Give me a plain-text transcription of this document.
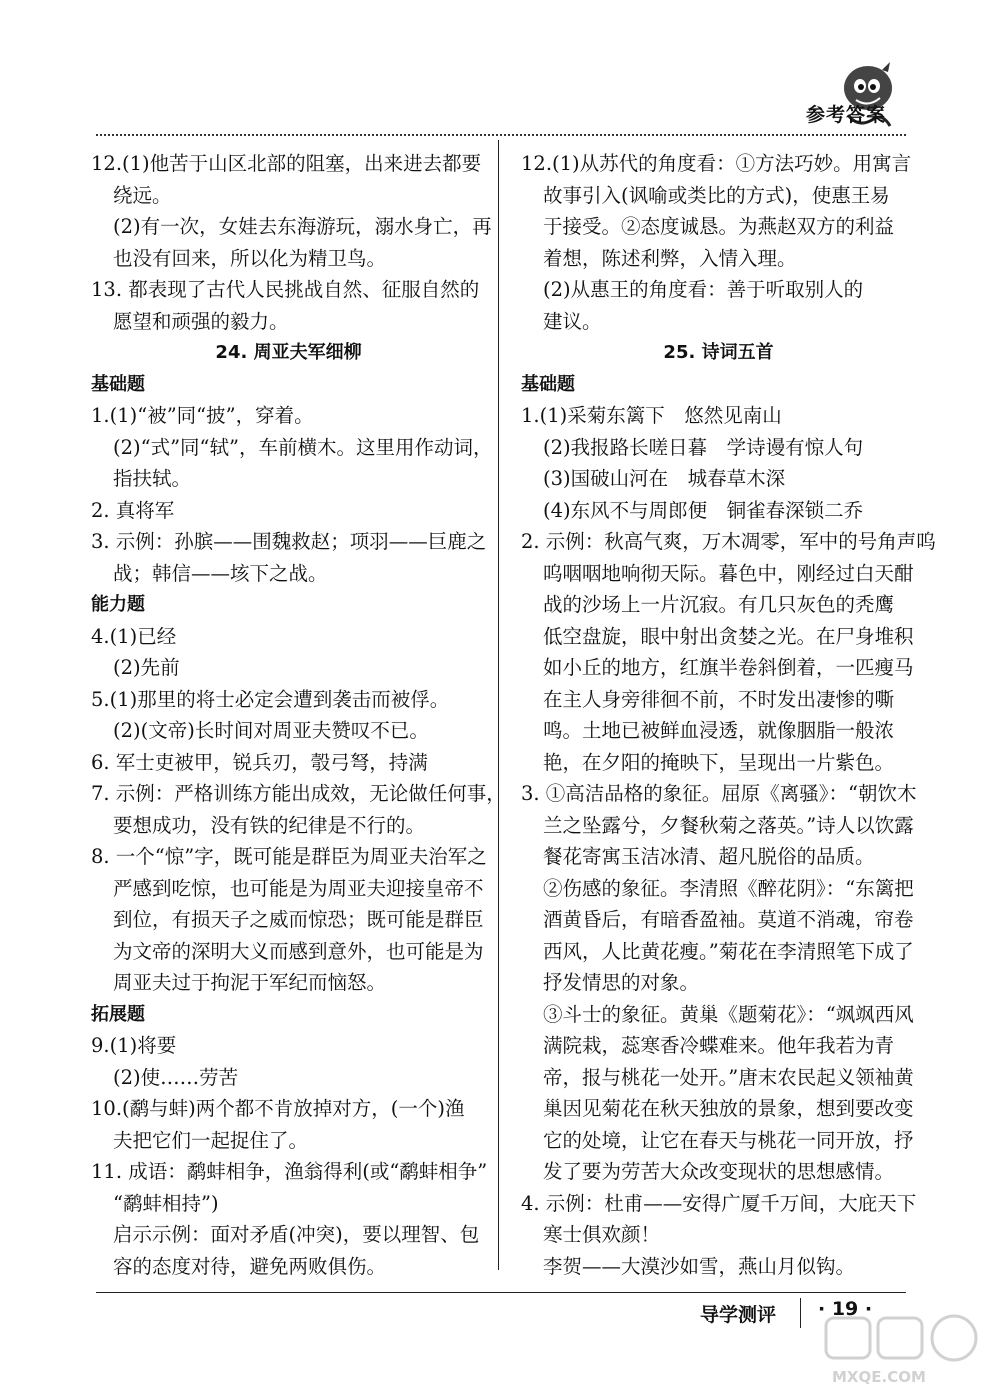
参考答案
12.(1)他苦于山区北部的阻塞，出来进去都要
绕远。
(2)有一次，女娃去东海游玩，溺水身亡，再
也没有回来，所以化为精卫鸟。
13. 都表现了古代人民挑战自然、征服自然的
愿望和顽强的毅力。
24. 周亚夫军细柳
基础题
1.(1)“被”同“披”，穿着。
(2)“式”同“轼”，车前横木。这里用作动词，
指扶轼。
2. 真将军
3. 示例：孙膑——围魏救赵；项羽——巨鹿之
战；韩信——垓下之战。
能力题
4.(1)已经
(2)先前
5.(1)那里的将士必定会遭到袭击而被俘。
(2)(文帝)长时间对周亚夫赞叹不已。
6. 军士吏被甲，锐兵刃，彀弓弩，持满
7. 示例：严格训练方能出成效，无论做任何事，
要想成功，没有铁的纪律是不行的。
8. 一个“惊”字，既可能是群臣为周亚夫治军之
严感到吃惊，也可能是为周亚夫迎接皇帝不
到位，有损天子之威而惊恐；既可能是群臣
为文帝的深明大义而感到意外，也可能是为
周亚夫过于拘泥于军纪而恼怒。
拓展题
9.(1)将要
(2)使……劳苦
10.(鹬与蚌)两个都不肯放掉对方，(一个)渔
夫把它们一起捉住了。
11. 成语：鹬蚌相争，渔翁得利(或“鹬蚌相争”
“鹬蚌相持”)
启示示例：面对矛盾(冲突)，要以理智、包
容的态度对待，避免两败俱伤。
12.(1)从苏代的角度看：①方法巧妙。用寓言
故事引入(讽喻或类比的方式)，使惠王易
于接受。②态度诚恳。为燕赵双方的利益
着想，陈述利弊，入情入理。
(2)从惠王的角度看：善于听取别人的
建议。
25. 诗词五首
基础题
1.(1)采菊东篱下　悠然见南山
(2)我报路长嗟日暮　学诗谩有惊人句
(3)国破山河在　城春草木深
(4)东风不与周郎便　铜雀春深锁二乔
2. 示例：秋高气爽，万木凋零，军中的号角声呜
呜咽咽地响彻天际。暮色中，刚经过白天酣
战的沙场上一片沉寂。有几只灰色的秃鹰
低空盘旋，眼中射出贪婪之光。在尸身堆积
如小丘的地方，红旗半卷斜倒着，一匹瘦马
在主人身旁徘徊不前，不时发出凄惨的嘶
鸣。土地已被鲜血浸透，就像胭脂一般浓
艳，在夕阳的掩映下，呈现出一片紫色。
3. ①高洁品格的象征。屈原《离骚》：“朝饮木
兰之坠露兮，夕餐秋菊之落英。”诗人以饮露
餐花寄寓玉洁冰清、超凡脱俗的品质。
②伤感的象征。李清照《醉花阴》：“东篱把
酒黄昏后，有暗香盈袖。莫道不消魂，帘卷
西风，人比黄花瘦。”菊花在李清照笔下成了
抒发情思的对象。
③斗士的象征。黄巢《题菊花》：“飒飒西风
满院栽，蕊寒香冷蝶难来。他年我若为青
帝，报与桃花一处开。”唐末农民起义领袖黄
巢因见菊花在秋天独放的景象，想到要改变
它的处境，让它在春天与桃花一同开放，抒
发了要为劳苦大众改变现状的思想感情。
4. 示例：杜甫——安得广厦千万间，大庇天下
寒士俱欢颜！
李贺——大漠沙如雪，燕山月似钩。
导学测评 · 19 ·
MXQE.COM
